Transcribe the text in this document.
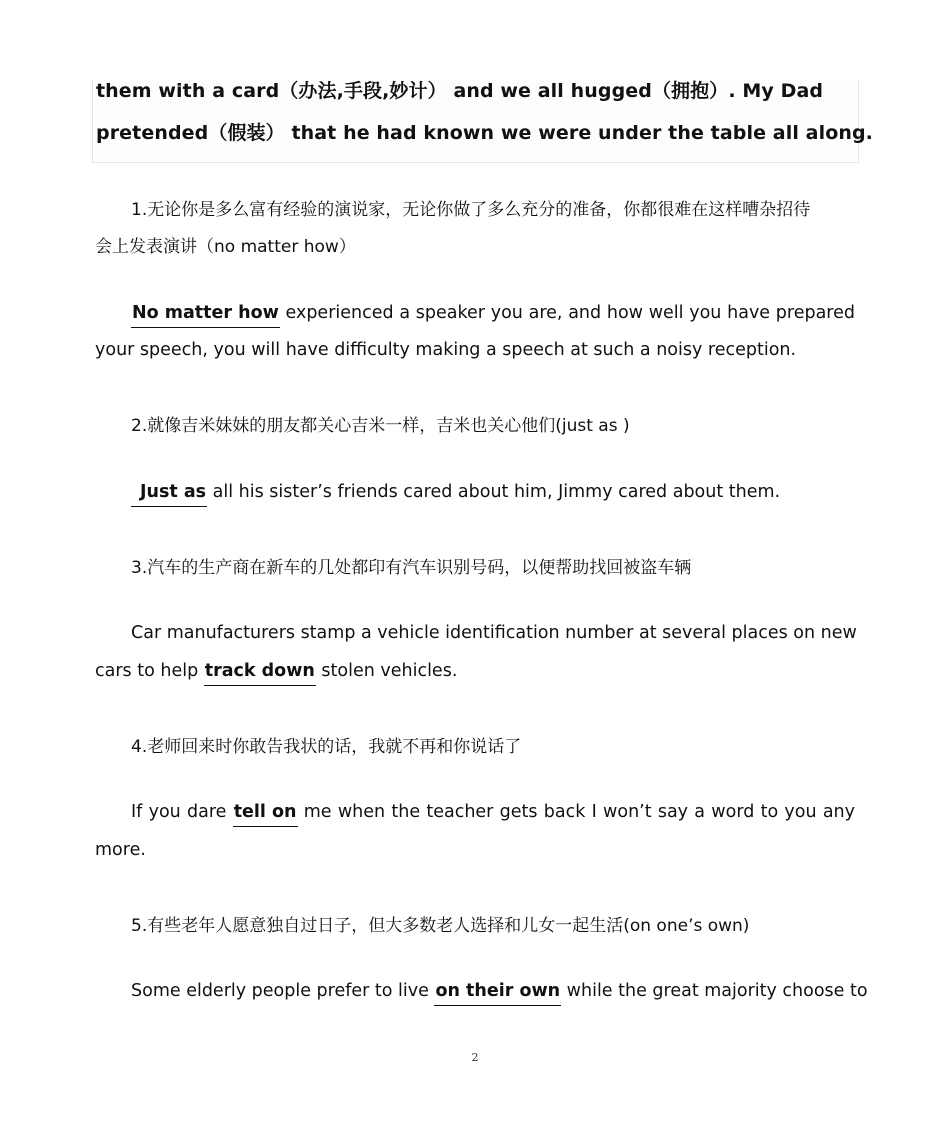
them with a card（办法,手段,妙计） and we all hugged（拥抱）. My Dad
pretended（假装） that he had known we were under the table all along.
1.无论你是多么富有经验的演说家，无论你做了多么充分的准备，你都很难在这样嘈杂招待
会上发表演讲（no matter how）
No matter how experienced a speaker you are, and how well you have prepared
your speech, you will have difficulty making a speech at such a noisy reception.
2.就像吉米妹妹的朋友都关心吉米一样，吉米也关心他们(just as )
Just as all his sister’s friends cared about him, Jimmy cared about them.
3.汽车的生产商在新车的几处都印有汽车识别号码，以便帮助找回被盗车辆
Car manufacturers stamp a vehicle identification number at several places on new
cars to help track down stolen vehicles.
4.老师回来时你敢告我状的话，我就不再和你说话了
If you dare tell on me when the teacher gets back I won’t say a word to you any
more.
5.有些老年人愿意独自过日子，但大多数老人选择和儿女一起生活(on one’s own)
Some elderly people prefer to live on their own while the great majority choose to
2
